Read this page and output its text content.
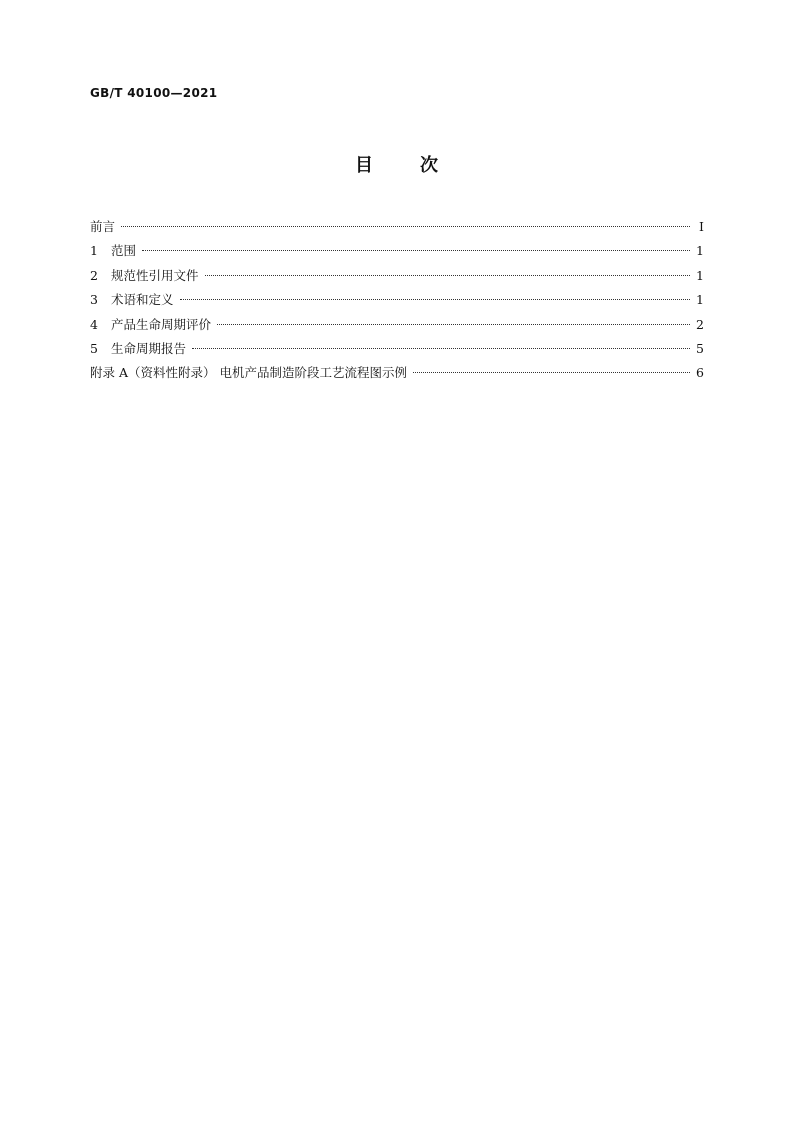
GB/T 40100—2021
目	次
前言	Ⅰ
1 范围	1
2 规范性引用文件	1
3 术语和定义	1
4 产品生命周期评价	2
5 生命周期报告	5
附录 A（资料性附录） 电机产品制造阶段工艺流程图示例	6
